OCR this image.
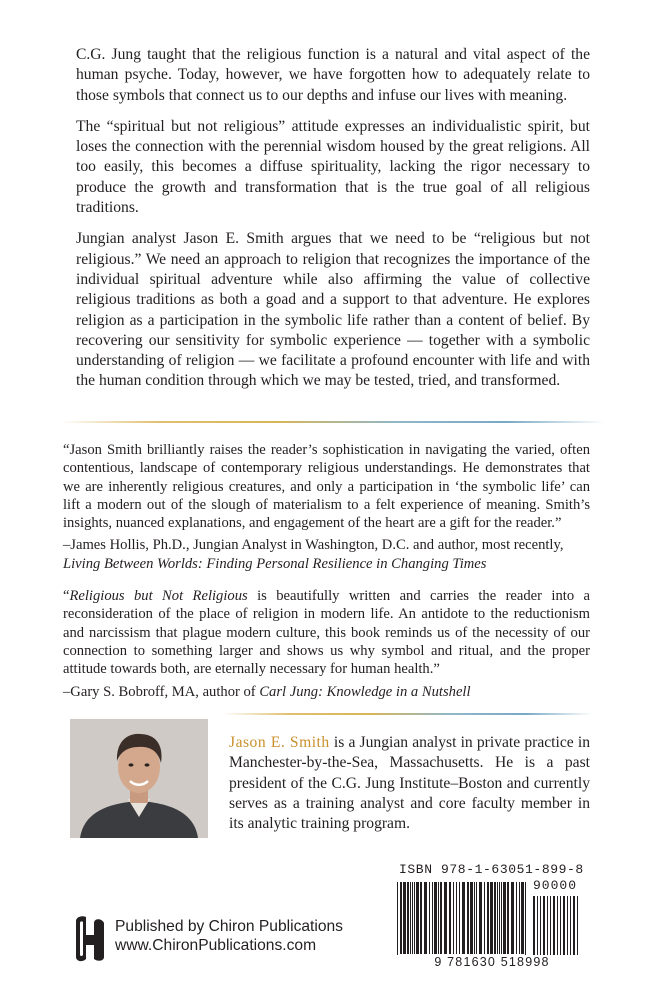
C.G. Jung taught that the religious function is a natural and vital aspect of the human psyche. Today, however, we have forgotten how to adequately relate to those symbols that connect us to our depths and infuse our lives with meaning.

The “spiritual but not religious” attitude expresses an individualistic spirit, but loses the connection with the perennial wisdom housed by the great religions. All too easily, this becomes a diffuse spirituality, lacking the rigor necessary to produce the growth and transformation that is the true goal of all religious traditions.

Jungian analyst Jason E. Smith argues that we need to be “religious but not religious.” We need an approach to religion that recognizes the importance of the individual spiritual adventure while also affirming the value of collective religious traditions as both a goad and a support to that adventure. He explores religion as a participation in the symbolic life rather than a content of belief. By recovering our sensitivity for symbolic experience –– together with a symbolic understanding of religion –– we facilitate a profound encounter with life and with the human condition through which we may be tested, tried, and transformed.

“Jason Smith brilliantly raises the reader’s sophistication in navigating the varied, often contentious, landscape of contemporary religious understandings. He demonstrates that we are inherently religious creatures, and only a participation in ‘the symbolic life’ can lift a modern out of the slough of materialism to a felt experience of meaning. Smith’s insights, nuanced explanations, and engagement of the heart are a gift for the reader.”

–James Hollis, Ph.D., Jungian Analyst in Washington, D.C. and author, most recently,
Living Between Worlds: Finding Personal Resilience in Changing Times

“Religious but Not Religious is beautifully written and carries the reader into a reconsideration of the place of religion in modern life. An antidote to the reductionism and narcissism that plague modern culture, this book reminds us of the necessity of our connection to something larger and shows us why symbol and ritual, and the proper attitude towards both, are eternally necessary for human health.”

–Gary S. Bobroff, MA, author of Carl Jung: Knowledge in a Nutshell

Jason E. Smith is a Jungian analyst in private practice in Manchester-by-the-Sea, Massachusetts. He is a past president of the C.G. Jung Institute–Boston and currently serves as a training analyst and core faculty member in its analytic training program.

ISBN 978-1-63051-899-8
90000
9 781630 518998
Published by Chiron Publications
www.ChironPublications.com
